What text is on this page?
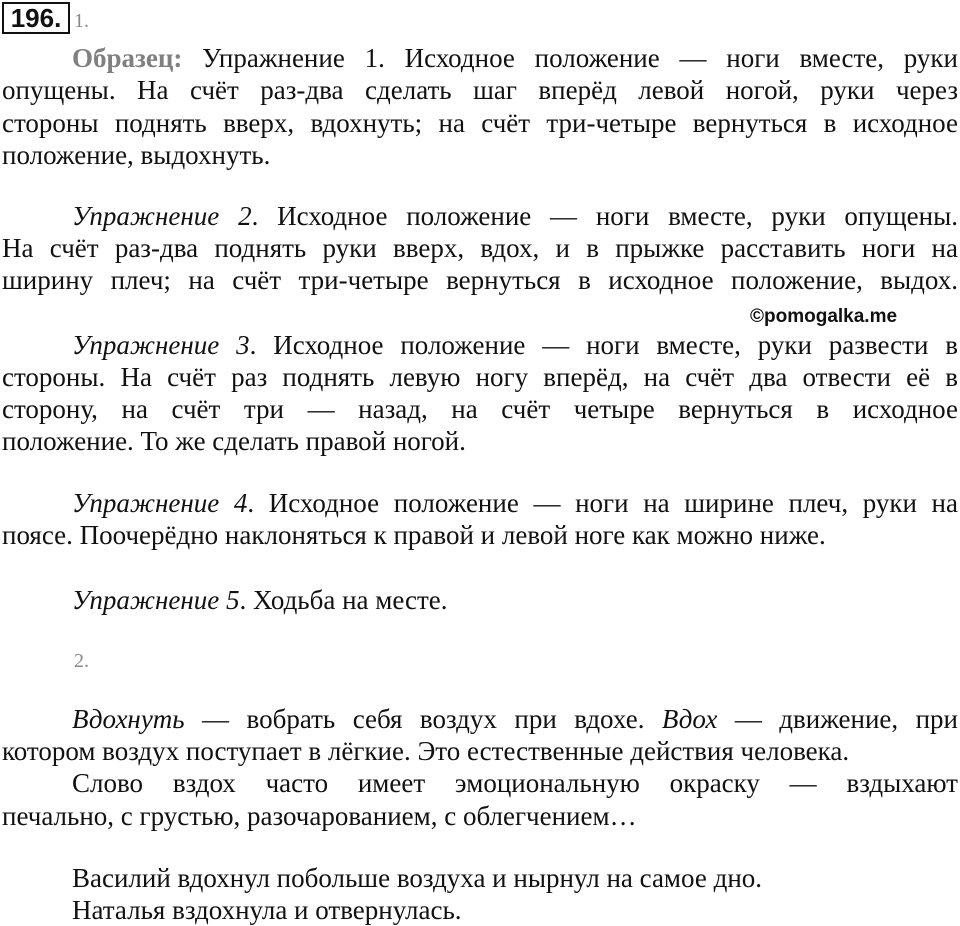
196. 1.
Образец: Упражнение 1. Исходное положение — ноги вместе, руки
опущены. На счёт раз-два сделать шаг вперёд левой ногой, руки через
стороны поднять вверх, вдохнуть; на счёт три-четыре вернуться в исходное
положение, выдохнуть.
Упражнение 2. Исходное положение — ноги вместе, руки опущены.
На счёт раз-два поднять руки вверх, вдох, и в прыжке расставить ноги на
ширину плеч; на счёт три-четыре вернуться в исходное положение, выдох.
©pomogalka.me
Упражнение 3. Исходное положение — ноги вместе, руки развести в
стороны. На счёт раз поднять левую ногу вперёд, на счёт два отвести её в
сторону, на счёт три — назад, на счёт четыре вернуться в исходное
положение. То же сделать правой ногой.
Упражнение 4. Исходное положение — ноги на ширине плеч, руки на
поясе. Поочерёдно наклоняться к правой и левой ноге как можно ниже.
Упражнение 5. Ходьба на месте.
2.
Вдохнуть — вобрать себя воздух при вдохе. Вдох — движение, при
котором воздух поступает в лёгкие. Это естественные действия человека.
Слово вздох часто имеет эмоциональную окраску — вздыхают
печально, с грустью, разочарованием, с облегчением…
Василий вдохнул побольше воздуха и нырнул на самое дно.
Наталья вздохнула и отвернулась.
